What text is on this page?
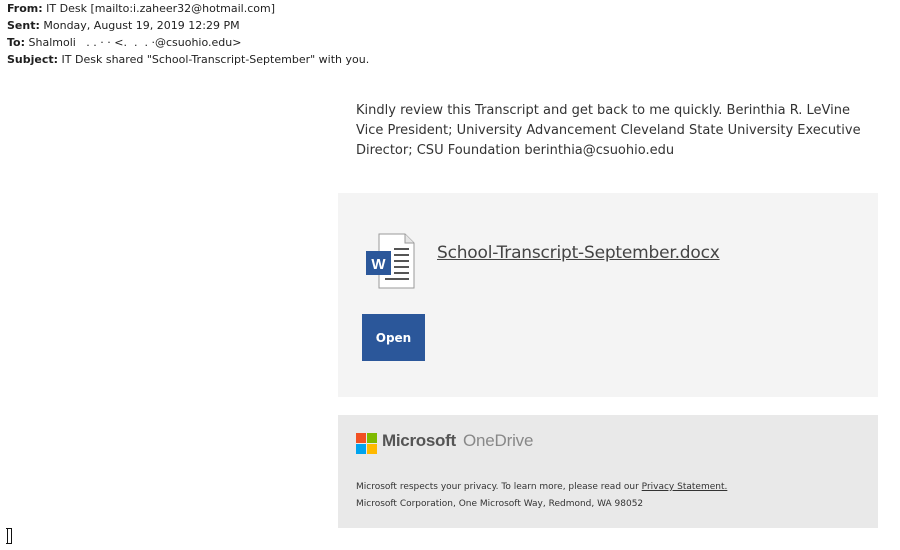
From: IT Desk [mailto:i.zaheer32@hotmail.com]
Sent: Monday, August 19, 2019 12:29 PM
To: Shalmoli   . . · · <.  .  . ·@csuohio.edu>
Subject: IT Desk shared "School-Transcript-September" with you.
Kindly review this Transcript and get back to me quickly. Berinthia R. LeVine Vice President; University Advancement Cleveland State University Executive Director; CSU Foundation berinthia@csuohio.edu
W
School-Transcript-September.docx
Open
Microsoft OneDrive
Microsoft respects your privacy. To learn more, please read our Privacy Statement.
Microsoft Corporation, One Microsoft Way, Redmond, WA 98052
